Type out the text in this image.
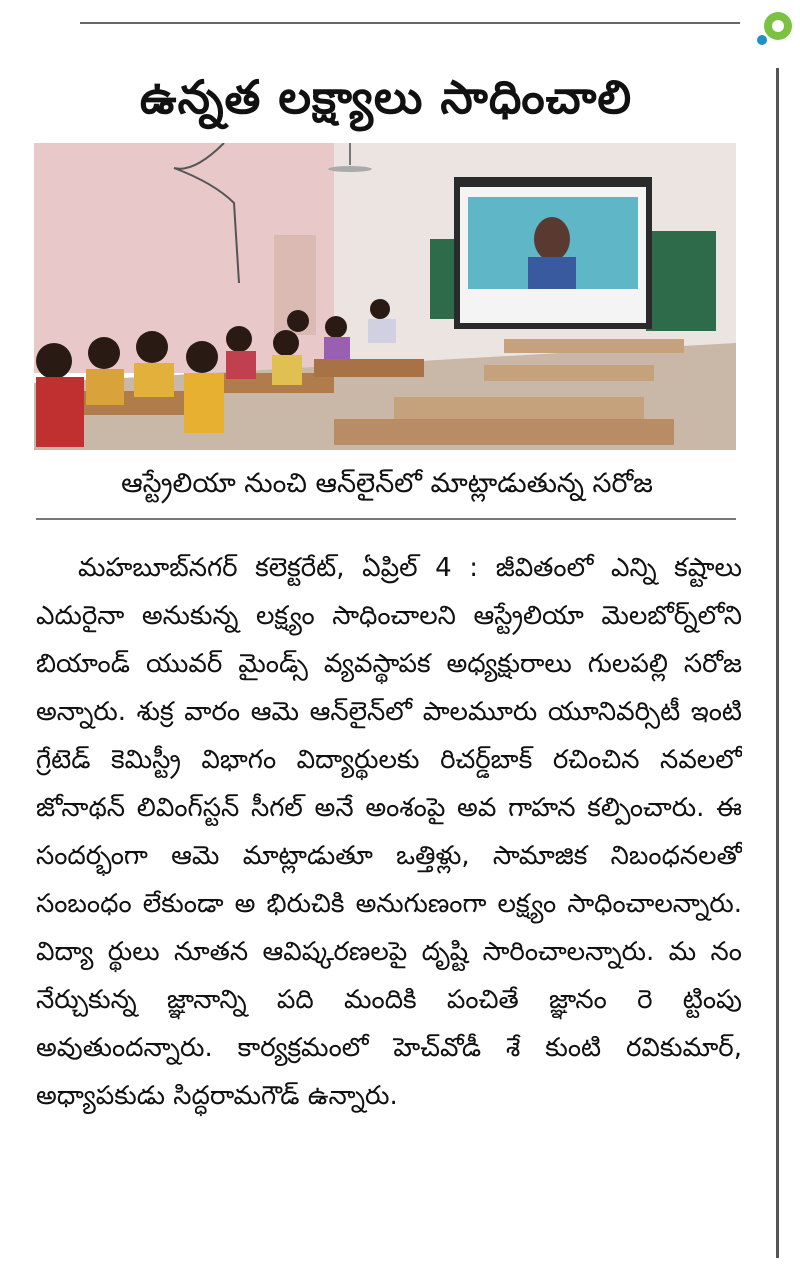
ఉన్నత లక్ష్యాలు సాధించాలి
ఆస్ట్రేలియా నుంచి ఆన్‌లైన్‌లో మాట్లాడుతున్న సరోజ
మహబూబ్‌నగర్ కలెక్టరేట్, ఏప్రిల్ 4 : జీవితంలో ఎన్ని కష్టాలు ఎదురైనా అనుకున్న లక్ష్యం సాధించాలని ఆస్ట్రేలియా మెల‌బోర్న్‌లోని బియాండ్ యువర్ మైండ్స్ వ్యవస్థాపక అధ్యక్షురాలు గులపల్లి సరోజ అన్నారు. శుక్ర వారం ఆమె ఆన్‌లైన్‌లో పాలమూరు యూనివర్సిటీ ఇంటి గ్రేటెడ్ కెమిస్ట్రీ విభాగం విద్యార్థులకు రిచర్డ్‌బాక్ రచించిన నవలలో జోనాథన్ లివింగ్‌స్టన్ సీగల్ అనే అంశంపై అవ గాహన కల్పించారు. ఈ సందర్భంగా ఆమె మాట్లాడుతూ ఒత్తిళ్లు, సామాజిక నిబంధనలతో సంబంధం లేకుండా అ భిరుచికి అనుగుణంగా లక్ష్యం సాధించాలన్నారు. విద్యా ర్థులు నూతన ఆవిష్కరణలపై దృష్టి సారించాలన్నారు. మ నం నేర్చుకున్న జ్ఞానాన్ని పది మందికి పంచితే జ్ఞానం రె ట్టింపు అవుతుందన్నారు. కార్యక్రమంలో హెచ్‌వోడీ శే కుంటి రవికుమార్, అధ్యాపకుడు సిద్ధరామగౌడ్ ఉన్నారు.
